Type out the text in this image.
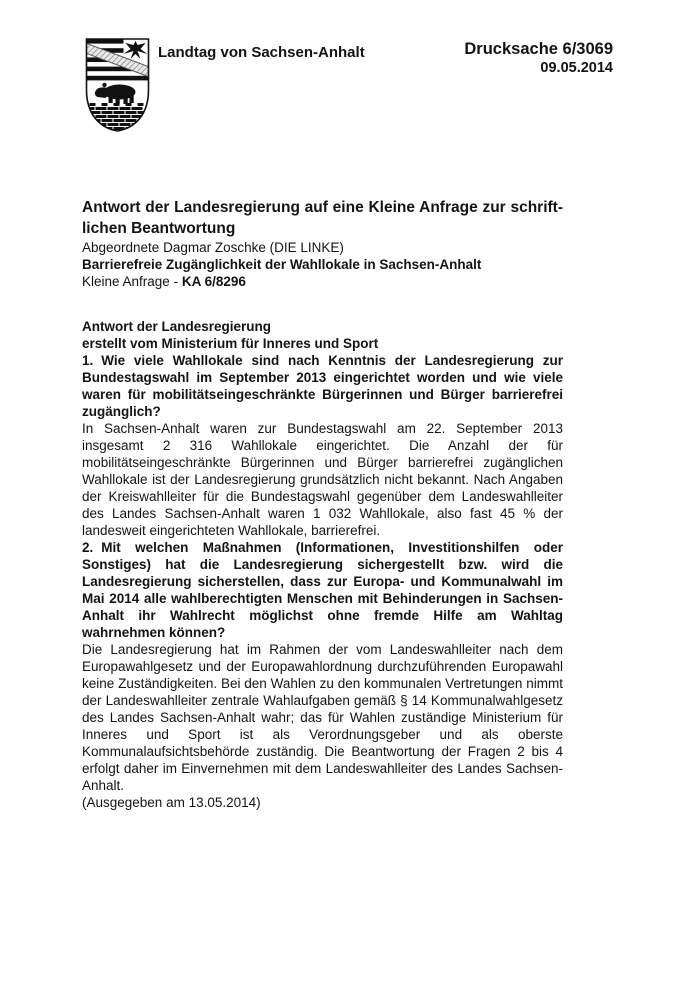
Landtag von Sachsen-Anhalt	Drucksache 6/3069
09.05.2014

Antwort der Landesregierung auf eine Kleine Anfrage zur schrift-

lichen Beantwortung

Abgeordnete Dagmar Zoschke (DIE LINKE)

Barrierefreie Zugänglichkeit der Wahllokale in Sachsen-Anhalt

Kleine Anfrage - KA 6/8296

Antwort der Landesregierung

erstellt vom Ministerium für Inneres und Sport

1. Wie viele Wahllokale sind nach Kenntnis der Landesregierung zur Bundestagswahl im September 2013 eingerichtet worden und wie viele waren für mobilitätseingeschränkte Bürgerinnen und Bürger barrierefrei zugänglich?

In Sachsen-Anhalt waren zur Bundestagswahl am 22. September 2013 insgesamt 2 316 Wahllokale eingerichtet. Die Anzahl der für mobilitätseingeschränkte Bürgerinnen und Bürger barrierefrei zugänglichen Wahllokale ist der Landesregierung grundsätzlich nicht bekannt. Nach Angaben der Kreiswahlleiter für die Bundestagswahl gegenüber dem Landeswahlleiter des Landes Sachsen-Anhalt waren 1 032 Wahllokale, also fast 45 % der landesweit eingerichteten Wahllokale, barrierefrei.

2. Mit welchen Maßnahmen (Informationen, Investitionshilfen oder Sonstiges) hat die Landesregierung sichergestellt bzw. wird die Landesregierung sicherstellen, dass zur Europa- und Kommunalwahl im Mai 2014 alle wahlberechtigten Menschen mit Behinderungen in Sachsen-Anhalt ihr Wahlrecht möglichst ohne fremde Hilfe am Wahltag wahrnehmen können?

Die Landesregierung hat im Rahmen der vom Landeswahlleiter nach dem Europawahlgesetz und der Europawahlordnung durchzuführenden Europawahl keine Zuständigkeiten. Bei den Wahlen zu den kommunalen Vertretungen nimmt der Landeswahlleiter zentrale Wahlaufgaben gemäß § 14 Kommunalwahlgesetz des Landes Sachsen-Anhalt wahr; das für Wahlen zuständige Ministerium für Inneres und Sport ist als Verordnungsgeber und als oberste Kommunalaufsichtsbehörde zuständig. Die Beantwortung der Fragen 2 bis 4 erfolgt daher im Einvernehmen mit dem Landeswahlleiter des Landes Sachsen-Anhalt.

(Ausgegeben am 13.05.2014)
